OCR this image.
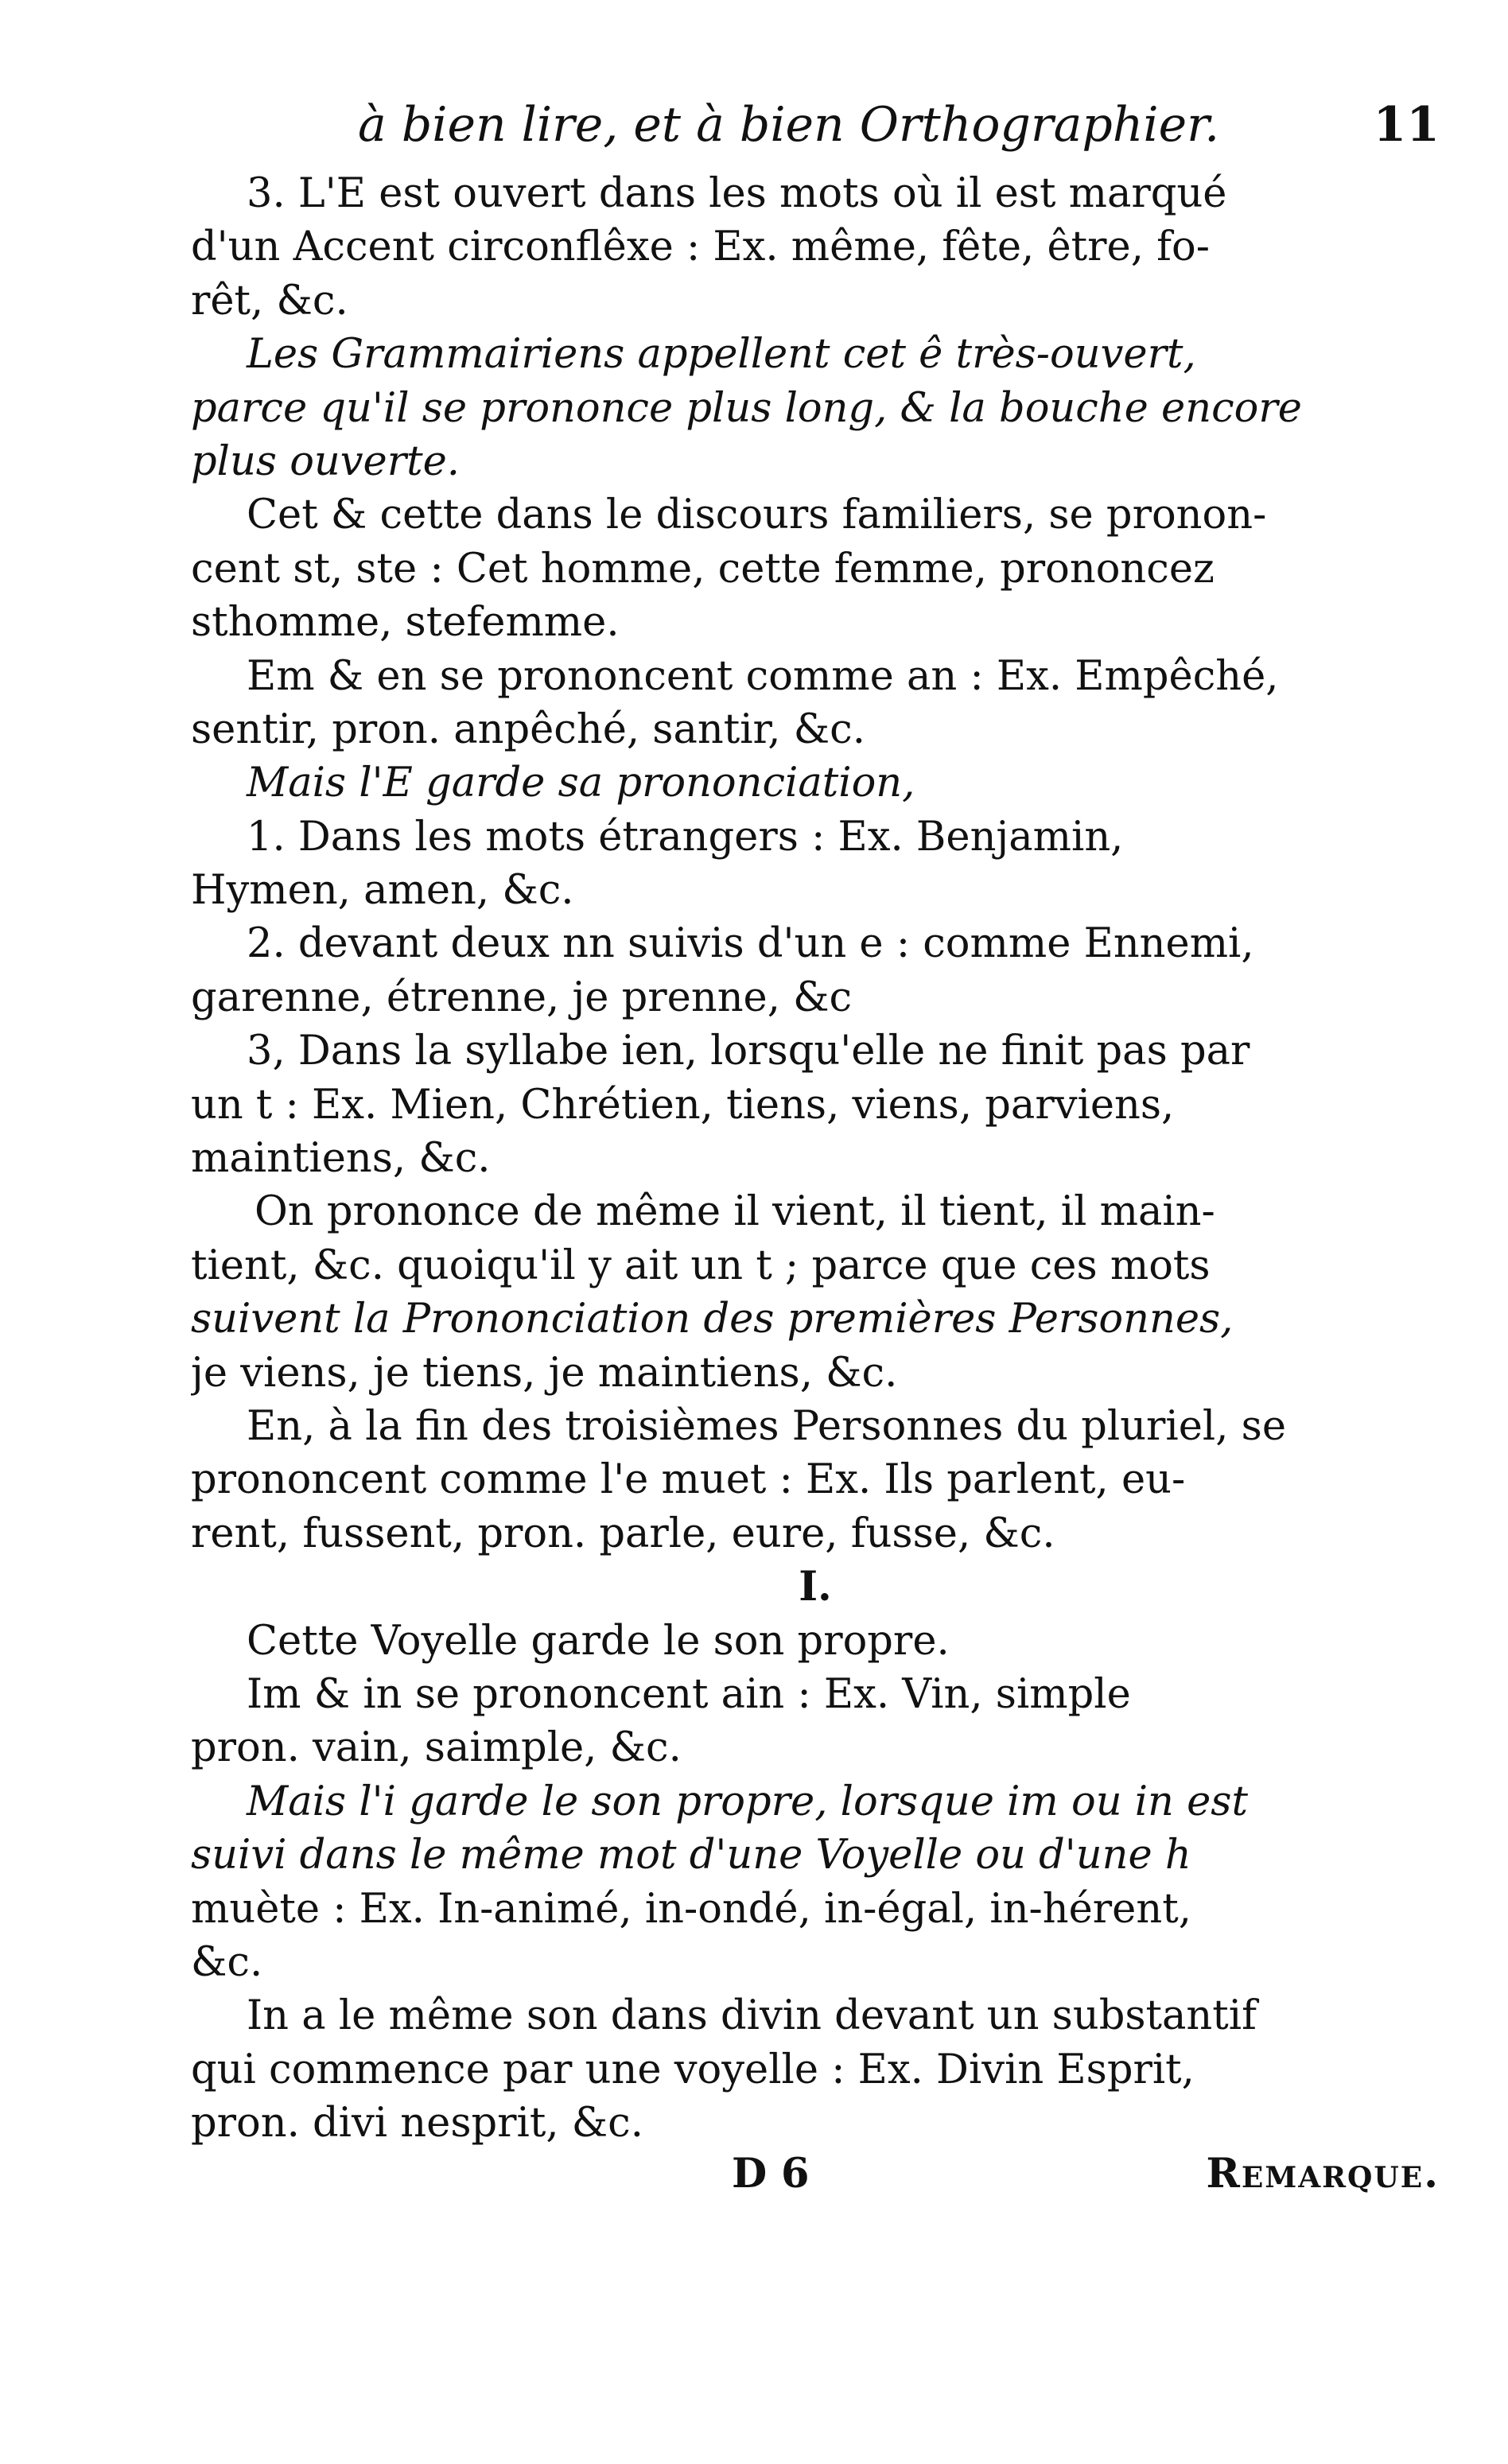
à bien lire, et à bien Orthographier.	11
3. L'E est ouvert dans les mots où il est marqué
d'un Accent circonflêxe : Ex. même, fête, être, fo-
rêt, &c.
Les Grammairiens appellent cet ê très-ouvert,
parce qu'il se prononce plus long, & la bouche encore
plus ouverte.
Cet & cette dans le discours familiers, se pronon-
cent st, ste : Cet homme, cette femme, prononcez
sthomme, stefemme.
Em & en se prononcent comme an : Ex. Empêché,
sentir, pron. anpêché, santir, &c.
Mais l'E garde sa prononciation,
1. Dans les mots étrangers : Ex. Benjamin,
Hymen, amen, &c.
2. devant deux nn suivis d'un e : comme Ennemi,
garenne, étrenne, je prenne, &c
3, Dans la syllabe ien, lorsqu'elle ne finit pas par
un t : Ex. Mien, Chrétien, tiens, viens, parviens,
maintiens, &c.
On prononce de même il vient, il tient, il main-
tient, &c. quoiqu'il y ait un t ; parce que ces mots
suivent la Prononciation des premières Personnes,
je viens, je tiens, je maintiens, &c.
En, à la fin des troisièmes Personnes du pluriel, se
prononcent comme l'e muet : Ex. Ils parlent, eu-
rent, fussent, pron. parle, eure, fusse, &c.
I.
Cette Voyelle garde le son propre.
Im & in se prononcent ain : Ex. Vin, simple
pron. vain, saimple, &c.
Mais l'i garde le son propre, lorsque im ou in est
suivi dans le même mot d'une Voyelle ou d'une h
muète : Ex. In-animé, in-ondé, in-égal, in-hérent,
&c.
In a le même son dans divin devant un substantif
qui commence par une voyelle : Ex. Divin Esprit,
pron. divi nesprit, &c.
D 6	Remarque.
